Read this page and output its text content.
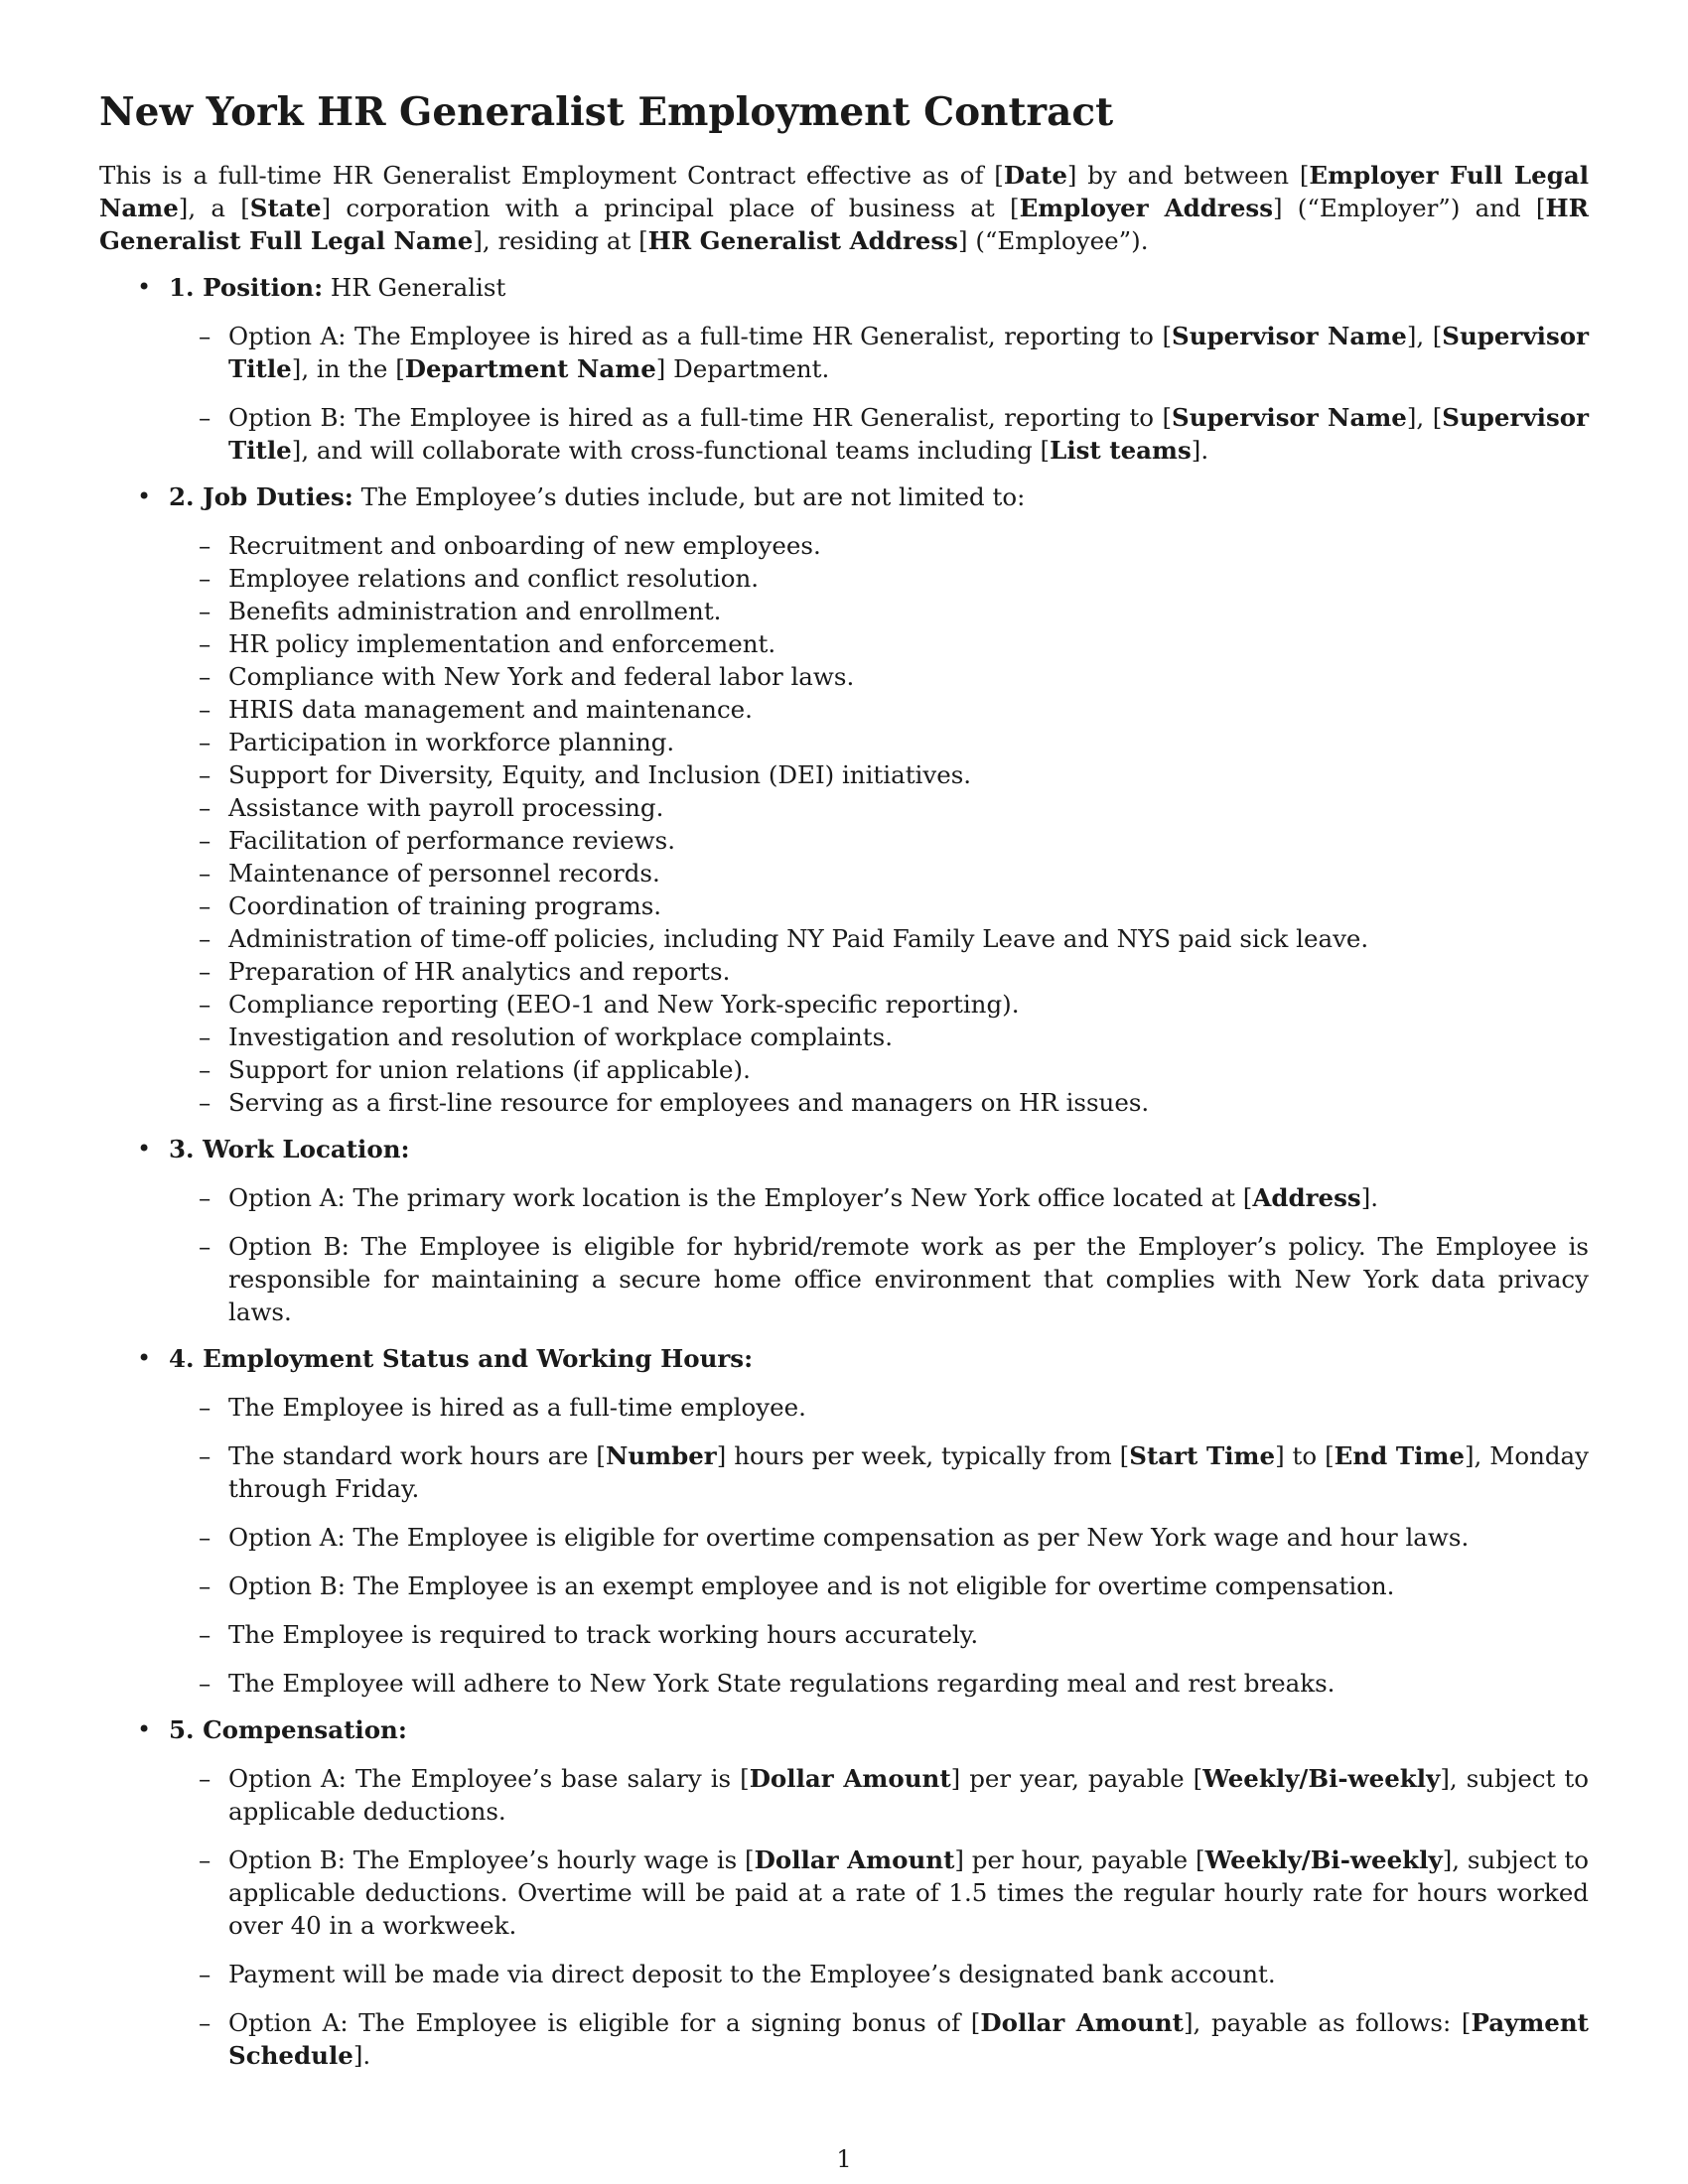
New York HR Generalist Employment Contract

This is a full-time HR Generalist Employment Contract effective as of [Date] by and between [Employer Full Legal Name], a [State] corporation with a principal place of business at [Employer Address] (“Employer”) and [HR Generalist Full Legal Name], residing at [HR Generalist Address] (“Employee”).

• 1. Position: HR Generalist

– Option A: The Employee is hired as a full-time HR Generalist, reporting to [Supervisor Name], [Supervisor Title], in the [Department Name] Department.
– Option B: The Employee is hired as a full-time HR Generalist, reporting to [Supervisor Name], [Supervisor Title], and will collaborate with cross-functional teams including [List teams].

• 2. Job Duties: The Employee’s duties include, but are not limited to:

– Recruitment and onboarding of new employees.
– Employee relations and conflict resolution.
– Benefits administration and enrollment.
– HR policy implementation and enforcement.
– Compliance with New York and federal labor laws.
– HRIS data management and maintenance.
– Participation in workforce planning.
– Support for Diversity, Equity, and Inclusion (DEI) initiatives.
– Assistance with payroll processing.
– Facilitation of performance reviews.
– Maintenance of personnel records.
– Coordination of training programs.
– Administration of time-off policies, including NY Paid Family Leave and NYS paid sick leave.
– Preparation of HR analytics and reports.
– Compliance reporting (EEO-1 and New York-specific reporting).
– Investigation and resolution of workplace complaints.
– Support for union relations (if applicable).
– Serving as a first-line resource for employees and managers on HR issues.

• 3. Work Location:

– Option A: The primary work location is the Employer’s New York office located at [Address].
– Option B: The Employee is eligible for hybrid/remote work as per the Employer’s policy. The Employee is responsible for maintaining a secure home office environment that complies with New York data privacy laws.

• 4. Employment Status and Working Hours:

– The Employee is hired as a full-time employee.
– The standard work hours are [Number] hours per week, typically from [Start Time] to [End Time], Monday through Friday.
– Option A: The Employee is eligible for overtime compensation as per New York wage and hour laws.
– Option B: The Employee is an exempt employee and is not eligible for overtime compensation.
– The Employee is required to track working hours accurately.
– The Employee will adhere to New York State regulations regarding meal and rest breaks.

• 5. Compensation:

– Option A: The Employee’s base salary is [Dollar Amount] per year, payable [Weekly/Bi-weekly], subject to applicable deductions.
– Option B: The Employee’s hourly wage is [Dollar Amount] per hour, payable [Weekly/Bi-weekly], subject to applicable deductions. Overtime will be paid at a rate of 1.5 times the regular hourly rate for hours worked over 40 in a workweek.
– Payment will be made via direct deposit to the Employee’s designated bank account.
– Option A: The Employee is eligible for a signing bonus of [Dollar Amount], payable as follows: [Payment Schedule].
1
